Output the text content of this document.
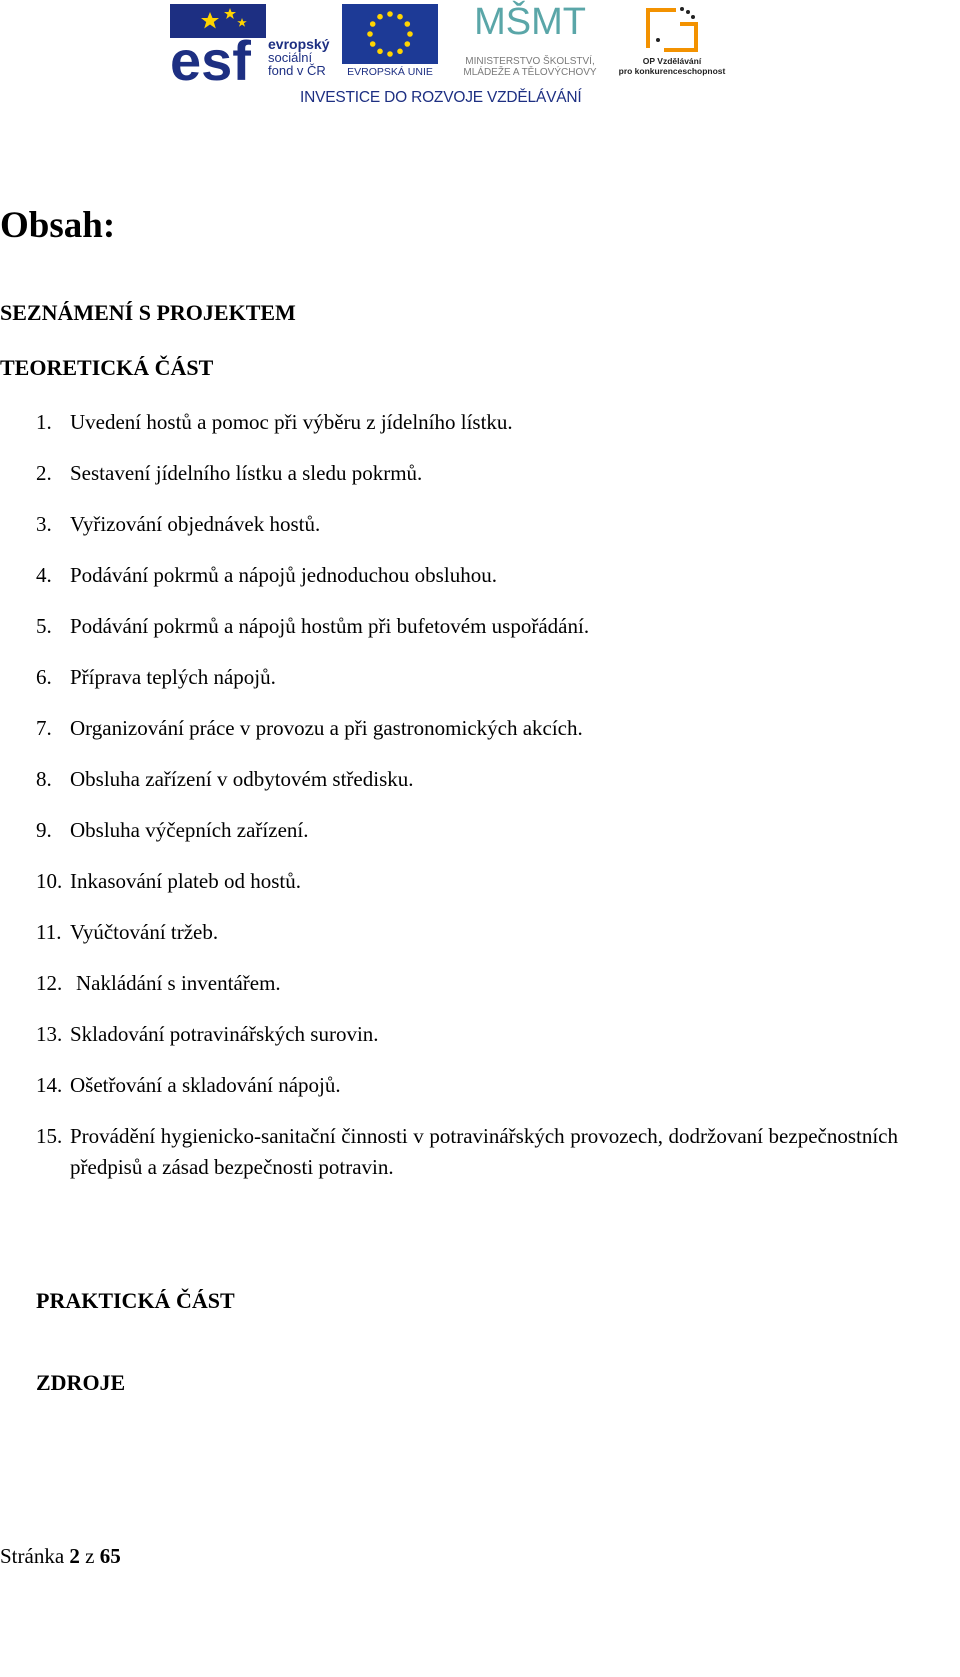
esf evropský
sociální
fond v ČR	EVROPSKÁ UNIE
MŠMT
MINISTERSTVO ŠKOLSTVÍ,
MLÁDEŽE A TĚLOVÝCHOVY
OP Vzdělávání
pro konkurenceschopnost
INVESTICE DO ROZVOJE VZDĚLÁVÁNÍ
Obsah:
SEZNÁMENÍ S PROJEKTEM
TEORETICKÁ ČÁST
1. Uvedení hostů a pomoc při výběru z jídelního lístku.
2. Sestavení jídelního lístku a sledu pokrmů.
3. Vyřizování objednávek hostů.
4. Podávání pokrmů a nápojů jednoduchou obsluhou.
5. Podávání pokrmů a nápojů hostům při bufetovém uspořádání.
6. Příprava teplých nápojů.
7. Organizování práce v provozu a při gastronomických akcích.
8. Obsluha zařízení v odbytovém středisku.
9. Obsluha výčepních zařízení.
10. Inkasování plateb od hostů.
11. Vyúčtování tržeb.
12. Nakládání s inventářem.
13. Skladování potravinářských surovin.
14. Ošetřování a skladování nápojů.
15. Provádění hygienicko-sanitační činnosti v potravinářských provozech, dodržovaní bezpečnostních předpisů a zásad bezpečnosti potravin.
PRAKTICKÁ ČÁST
ZDROJE
Stránka 2 z 65
